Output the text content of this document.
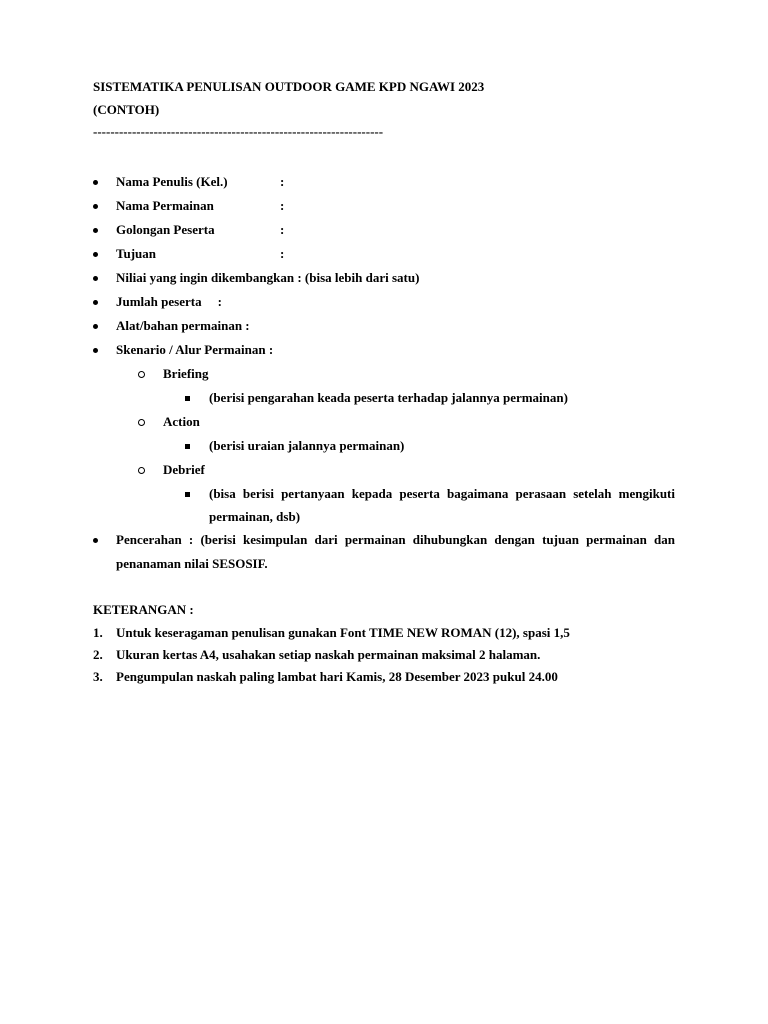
SISTEMATIKA PENULISAN OUTDOOR GAME KPD NGAWI 2023
(CONTOH)
-------------------------------------------------------------------
Nama Penulis (Kel.)	:
Nama Permainan	:
Golongan Peserta	:
Tujuan	:
Niliai yang ingin dikembangkan : (bisa lebih dari satu)
Jumlah peserta :
Alat/bahan permainan :
Skenario / Alur Permainan :
Briefing
(berisi pengarahan keada peserta terhadap jalannya permainan)
Action
(berisi uraian jalannya permainan)
Debrief
(bisa berisi pertanyaan kepada peserta bagaimana perasaan setelah mengikuti permainan, dsb)
Pencerahan : (berisi kesimpulan dari permainan dihubungkan dengan tujuan permainan dan penanaman nilai SESOSIF.
KETERANGAN :
1. Untuk keseragaman penulisan gunakan Font TIME NEW ROMAN (12), spasi 1,5
2. Ukuran kertas A4, usahakan setiap naskah permainan maksimal 2 halaman.
3. Pengumpulan naskah paling lambat hari Kamis, 28 Desember 2023 pukul 24.00
